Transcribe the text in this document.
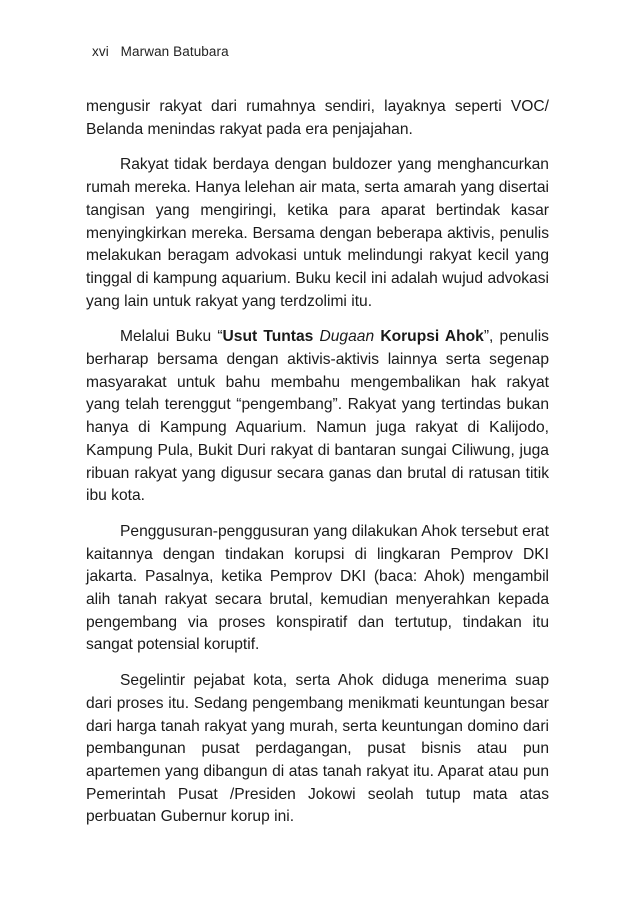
xvi Marwan Batubara

mengusir rakyat dari rumahnya sendiri, layaknya seperti VOC/ Belanda menindas rakyat pada era penjajahan.

Rakyat tidak berdaya dengan buldozer yang menghancurkan rumah mereka. Hanya lelehan air mata, serta amarah yang disertai tangisan yang mengiringi, ketika para aparat bertindak kasar menyingkirkan mereka. Bersama dengan beberapa aktivis, penulis melakukan beragam advokasi untuk melindungi rakyat kecil yang tinggal di kampung aquarium. Buku kecil ini adalah wujud advokasi yang lain untuk rakyat yang terdzolimi itu.

Melalui Buku “Usut Tuntas Dugaan Korupsi Ahok”, penulis berharap bersama dengan aktivis-aktivis lainnya serta segenap masyarakat untuk bahu membahu mengembalikan hak rakyat yang telah terenggut “pengembang”. Rakyat yang tertindas bukan hanya di Kampung Aquarium. Namun juga rakyat di Kalijodo, Kampung Pula, Bukit Duri rakyat di bantaran sungai Ciliwung, juga ribuan rakyat yang digusur secara ganas dan brutal di ratusan titik ibu kota.

Penggusuran-penggusuran yang dilakukan Ahok tersebut erat kaitannya dengan tindakan korupsi di lingkaran Pemprov DKI jakarta. Pasalnya, ketika Pemprov DKI (baca: Ahok) mengambil alih tanah rakyat secara brutal, kemudian menyerahkan kepada pengembang via proses konspiratif dan tertutup, tindakan itu sangat potensial koruptif.

Segelintir pejabat kota, serta Ahok diduga menerima suap dari proses itu. Sedang pengembang menikmati keuntungan besar dari harga tanah rakyat yang murah, serta keuntungan domino dari pembangunan pusat perdagangan, pusat bisnis atau pun apartemen yang dibangun di atas tanah rakyat itu. Aparat atau pun Pemerintah Pusat /Presiden Jokowi seolah tutup mata atas perbuatan Gubernur korup ini.
